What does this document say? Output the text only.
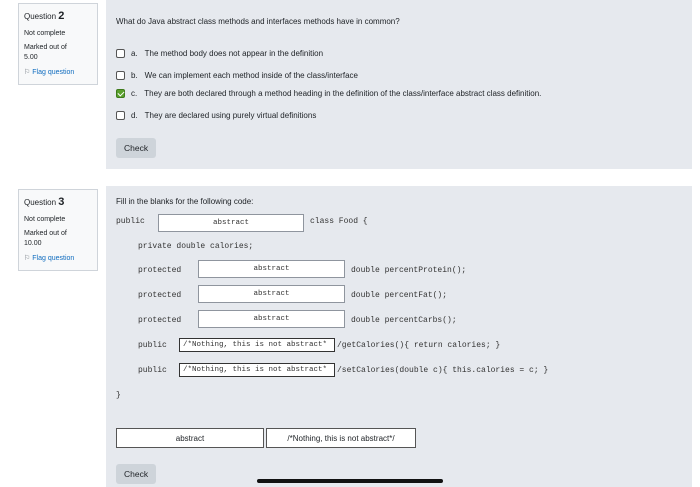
Question 2
Not complete
Marked out of
5.00
⚐ Flag question
What do Java abstract class methods and interfaces methods have in common?
a. The method body does not appear in the definition
b. We can implement each method inside of the class/interface
c. They are both declared through a method heading in the definition of the class/interface abstract class definition.
d. They are declared using purely virtual definitions
Check
Question 3
Not complete
Marked out of
10.00
⚐ Flag question
Fill in the blanks for the following code:
public	abstract	class Food {
private double calories;
protected	abstract	double percentProtein();
protected	abstract	double percentFat();
protected	abstract	double percentCarbs();
public	/*Nothing, this is not abstract*	/getCalories(){ return calories; }
public	/*Nothing, this is not abstract*	/setCalories(double c){ this.calories = c; }
}
abstract	/*Nothing, this is not abstract*/
Check
